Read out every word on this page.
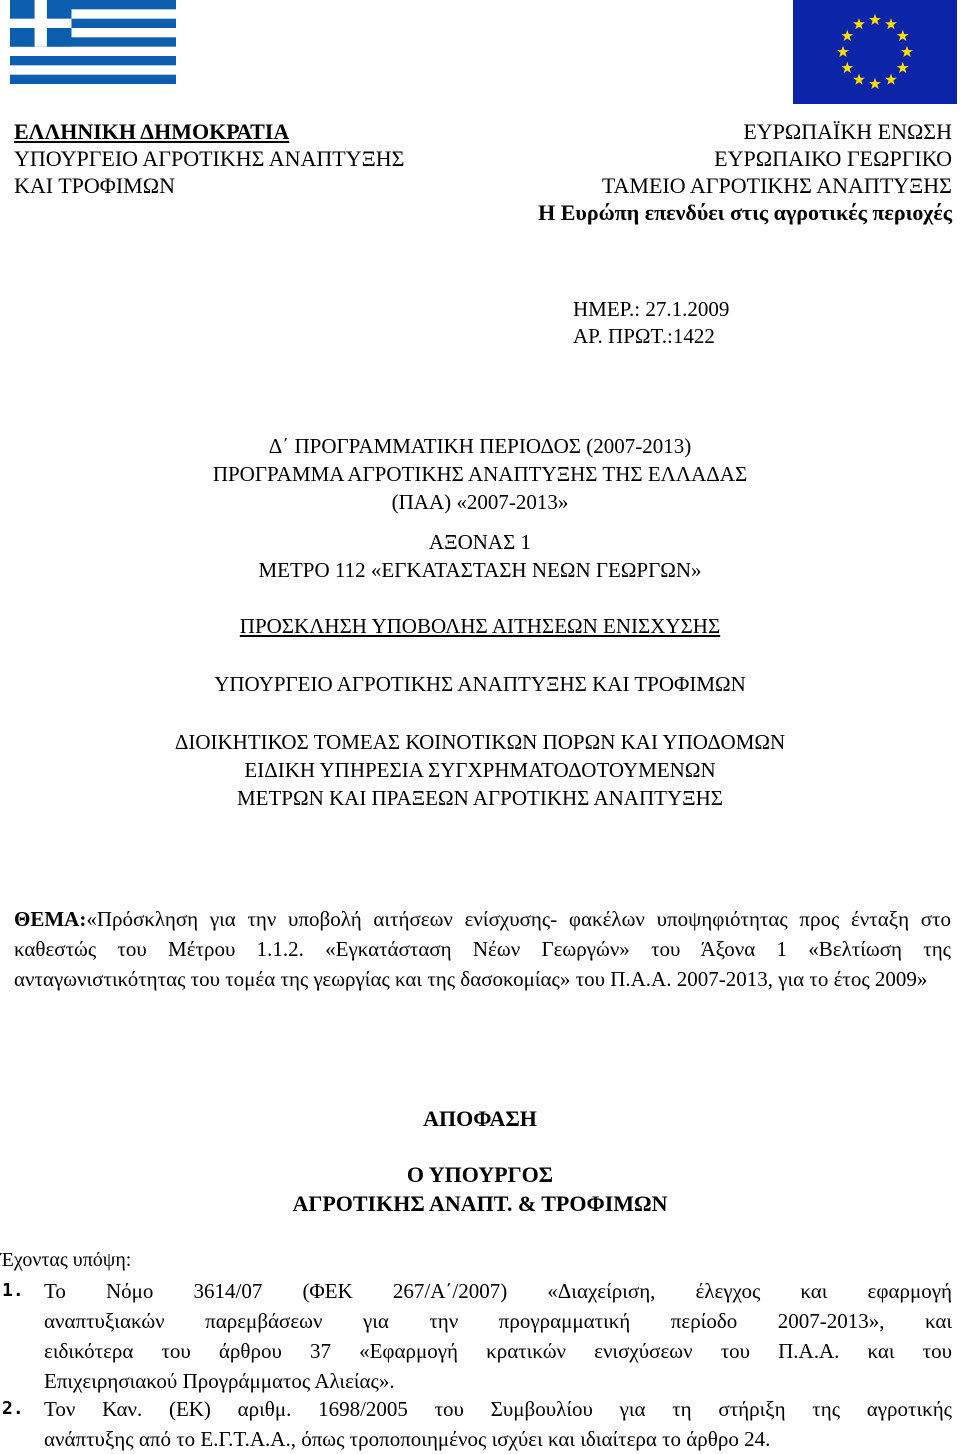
ΕΛΛΗΝΙΚΗ ΔΗΜΟΚΡΑΤΙΑ
ΥΠΟΥΡΓΕΙΟ ΑΓΡΟΤΙΚΗΣ ΑΝΑΠΤΥΞΗΣ
ΚΑΙ ΤΡΟΦΙΜΩΝ
ΕΥΡΩΠΑΪΚΗ ΕΝΩΣΗ
ΕΥΡΩΠΑΙΚΟ ΓΕΩΡΓΙΚΟ
ΤΑΜΕΙΟ ΑΓΡΟΤΙΚΗΣ ΑΝΑΠΤΥΞΗΣ
Η Ευρώπη επενδύει στις αγροτικές περιοχές
ΗΜΕΡ.: 27.1.2009
ΑΡ. ΠΡΩΤ.:1422
Δ΄ ΠΡΟΓΡΑΜΜΑΤΙΚΗ ΠΕΡΙΟΔΟΣ (2007-2013)
ΠΡΟΓΡΑΜΜΑ ΑΓΡΟΤΙΚΗΣ ΑΝΑΠΤΥΞΗΣ ΤΗΣ ΕΛΛΑΔΑΣ
(ΠΑΑ) «2007-2013»
ΑΞΟΝΑΣ 1
ΜΕΤΡΟ 112 «ΕΓΚΑΤΑΣΤΑΣΗ ΝΕΩΝ ΓΕΩΡΓΩΝ»
ΠΡΟΣΚΛΗΣΗ ΥΠΟΒΟΛΗΣ ΑΙΤΗΣΕΩΝ ΕΝΙΣΧΥΣΗΣ
ΥΠΟΥΡΓΕΙΟ ΑΓΡΟΤΙΚΗΣ ΑΝΑΠΤΥΞΗΣ ΚΑΙ ΤΡΟΦΙΜΩΝ
ΔΙΟΙΚΗΤΙΚΟΣ ΤΟΜΕΑΣ ΚΟΙΝΟΤΙΚΩΝ ΠΟΡΩΝ ΚΑΙ ΥΠΟΔΟΜΩΝ
ΕΙΔΙΚΗ ΥΠΗΡΕΣΙΑ ΣΥΓΧΡΗΜΑΤΟΔΟΤΟΥΜΕΝΩΝ
ΜΕΤΡΩΝ ΚΑΙ ΠΡΑΞΕΩΝ ΑΓΡΟΤΙΚΗΣ ΑΝΑΠΤΥΞΗΣ
ΘΕΜΑ:«Πρόσκληση για την υποβολή αιτήσεων ενίσχυσης- φακέλων υποψηφιότητας προς ένταξη στο καθεστώς του Μέτρου 1.1.2. «Εγκατάσταση Νέων Γεωργών» του Άξονα 1 «Βελτίωση της ανταγωνιστικότητας του τομέα της γεωργίας και της δασοκομίας» του Π.Α.Α. 2007-2013, για το έτος 2009»
ΑΠΟΦΑΣΗ
Ο ΥΠΟΥΡΓΟΣ
ΑΓΡΟΤΙΚΗΣ ΑΝΑΠΤ. & ΤΡΟΦΙΜΩΝ
Έχοντας υπόψη:
1. Το Νόμο 3614/07 (ΦΕΚ 267/Α΄/2007) «Διαχείριση, έλεγχος και εφαρμογή

αναπτυξιακών παρεμβάσεων για την προγραμματική περίοδο 2007-2013», και

ειδικότερα του άρθρου 37 «Εφαρμογή κρατικών ενισχύσεων του Π.Α.Α. και του

Επιχειρησιακού Προγράμματος Αλιείας».

2. Τον Καν. (ΕΚ) αριθμ. 1698/2005 του Συμβουλίου για τη στήριξη της αγροτικής

ανάπτυξης από το Ε.Γ.Τ.Α.Α., όπως τροποποιημένος ισχύει και ιδιαίτερα το άρθρο 24.
